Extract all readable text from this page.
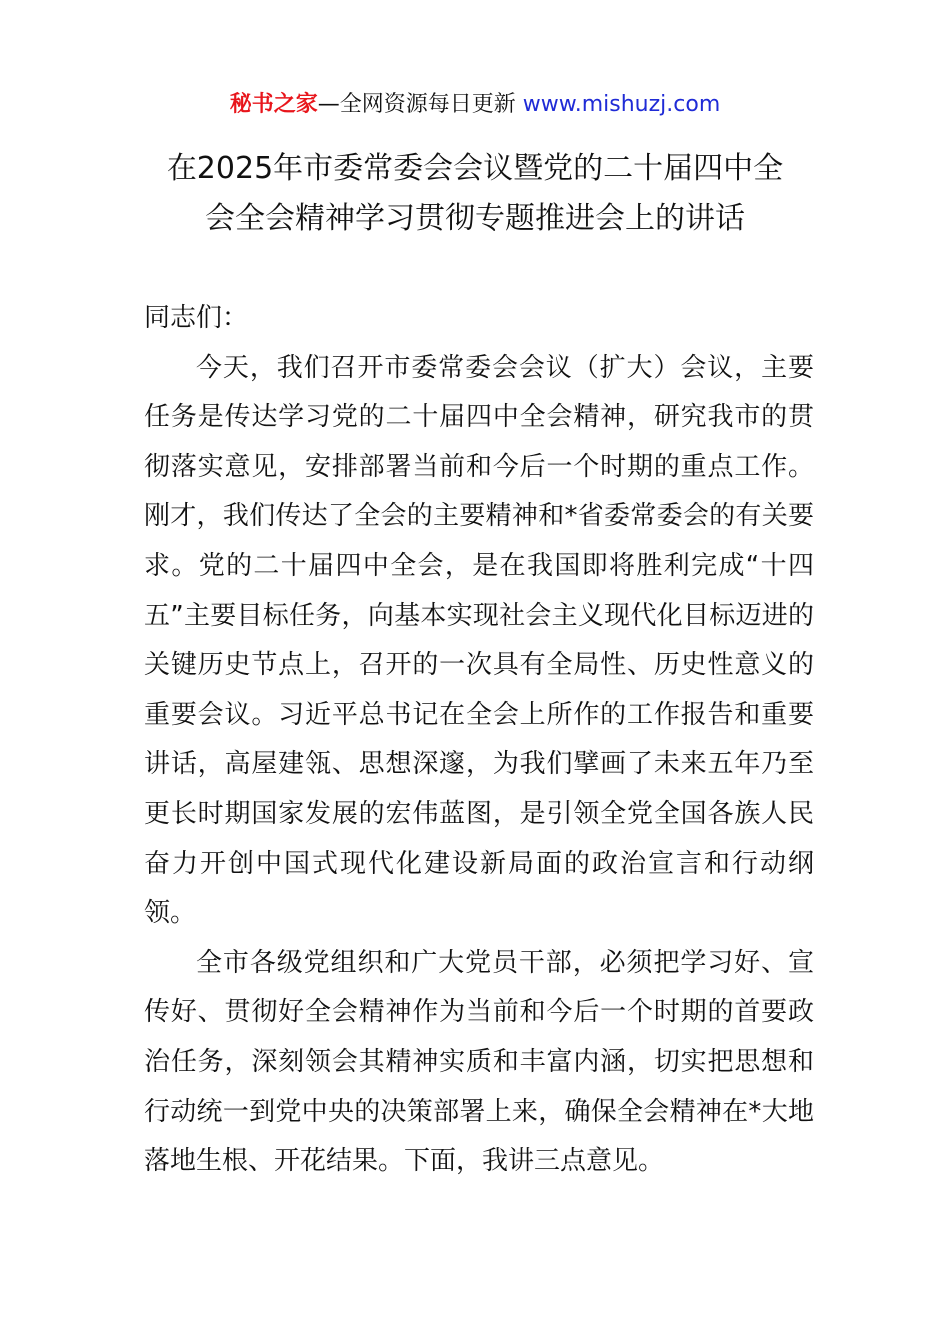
秘书之家—全网资源每日更新 www.mishuzj.com
在2025年市委常委会会议暨党的二十届四中全
会全会精神学习贯彻专题推进会上的讲话

同志们：

今天，我们召开市委常委会会议（扩大）会议，主要任务是传达学习党的二十届四中全会精神，研究我市的贯彻落实意见，安排部署当前和今后一个时期的重点工作。刚才，我们传达了全会的主要精神和*省委常委会的有关要求。党的二十届四中全会，是在我国即将胜利完成“十四五”主要目标任务，向基本实现社会主义现代化目标迈进的关键历史节点上，召开的一次具有全局性、历史性意义的重要会议。习近平总书记在全会上所作的工作报告和重要讲话，高屋建瓴、思想深邃，为我们擘画了未来五年乃至更长时期国家发展的宏伟蓝图，是引领全党全国各族人民奋力开创中国式现代化建设新局面的政治宣言和行动纲领。

全市各级党组织和广大党员干部，必须把学习好、宣传好、贯彻好全会精神作为当前和今后一个时期的首要政治任务，深刻领会其精神实质和丰富内涵，切实把思想和行动统一到党中央的决策部署上来，确保全会精神在*大地落地生根、开花结果。下面，我讲三点意见。
